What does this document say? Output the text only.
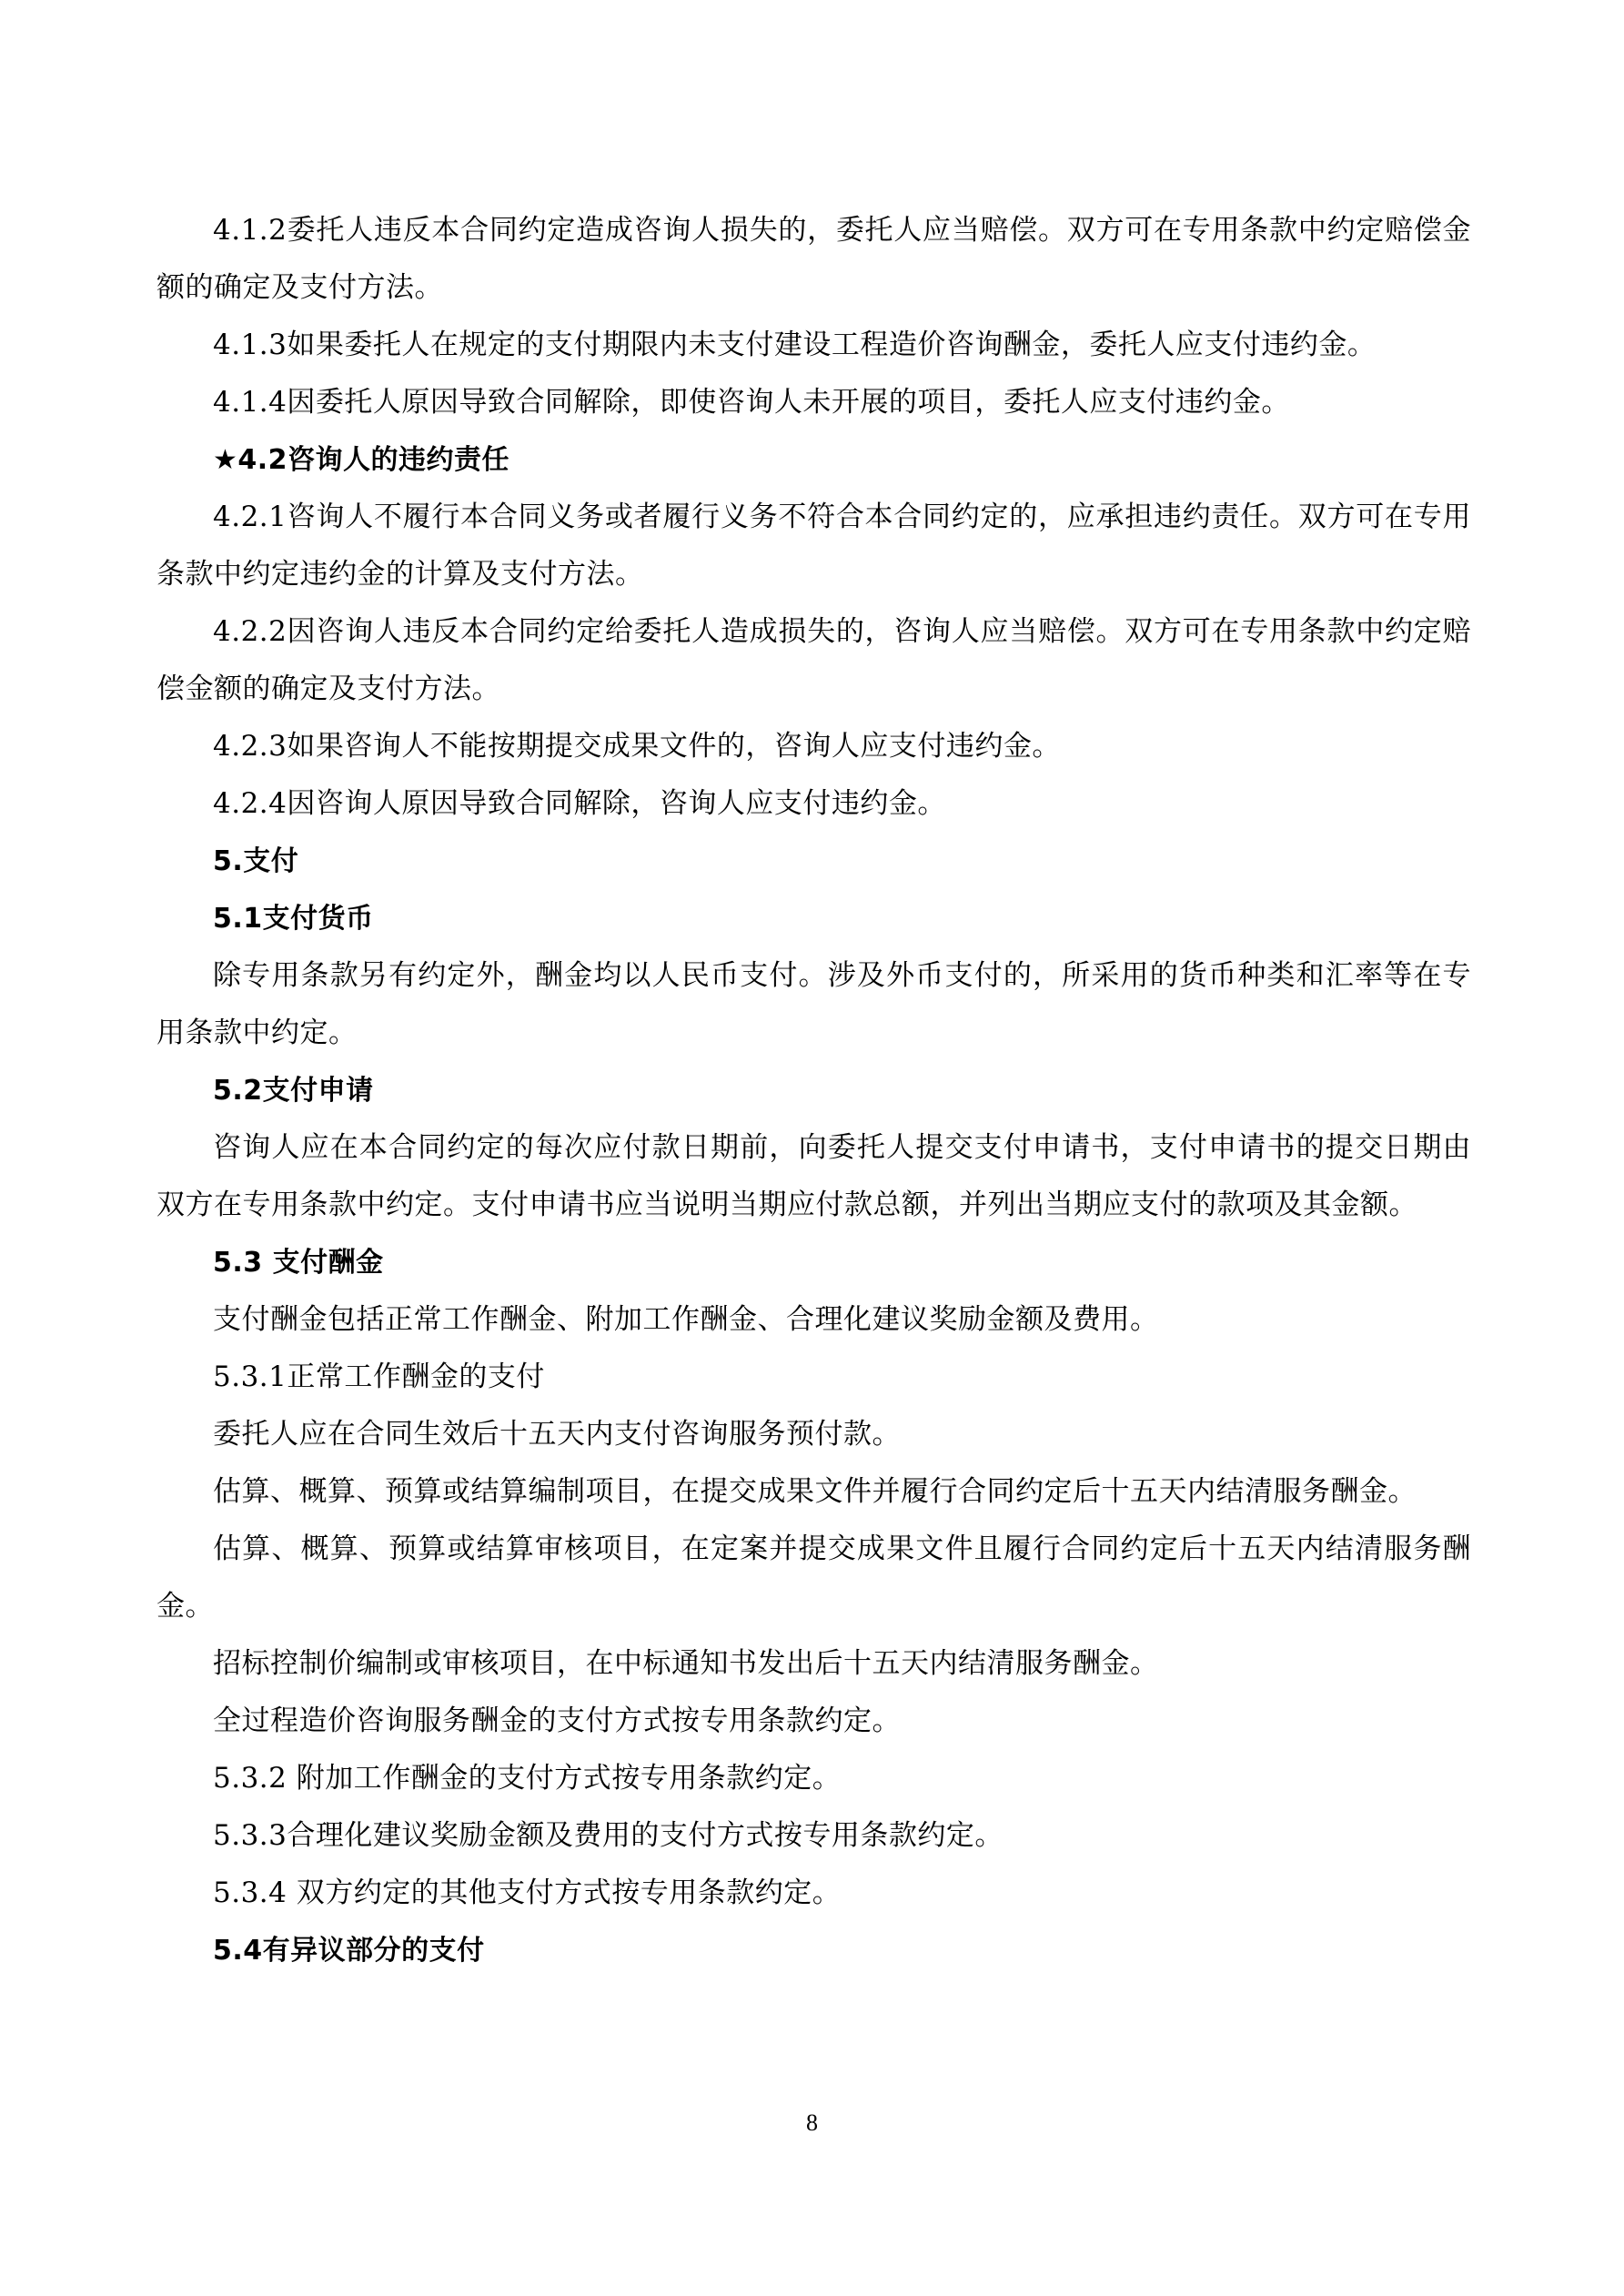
4.1.2委托人违反本合同约定造成咨询人损失的，委托人应当赔偿。双方可在专用条款中约定赔偿金额的确定及支付方法。

4.1.3如果委托人在规定的支付期限内未支付建设工程造价咨询酬金，委托人应支付违约金。

4.1.4因委托人原因导致合同解除，即使咨询人未开展的项目，委托人应支付违约金。

★4.2咨询人的违约责任

4.2.1咨询人不履行本合同义务或者履行义务不符合本合同约定的，应承担违约责任。双方可在专用条款中约定违约金的计算及支付方法。

4.2.2因咨询人违反本合同约定给委托人造成损失的，咨询人应当赔偿。双方可在专用条款中约定赔偿金额的确定及支付方法。

4.2.3如果咨询人不能按期提交成果文件的，咨询人应支付违约金。

4.2.4因咨询人原因导致合同解除，咨询人应支付违约金。

5.支付

5.1支付货币

除专用条款另有约定外，酬金均以人民币支付。涉及外币支付的，所采用的货币种类和汇率等在专用条款中约定。

5.2支付申请

咨询人应在本合同约定的每次应付款日期前，向委托人提交支付申请书，支付申请书的提交日期由双方在专用条款中约定。支付申请书应当说明当期应付款总额，并列出当期应支付的款项及其金额。

5.3 支付酬金

支付酬金包括正常工作酬金、附加工作酬金、合理化建议奖励金额及费用。

5.3.1正常工作酬金的支付

委托人应在合同生效后十五天内支付咨询服务预付款。

估算、概算、预算或结算编制项目，在提交成果文件并履行合同约定后十五天内结清服务酬金。

估算、概算、预算或结算审核项目，在定案并提交成果文件且履行合同约定后十五天内结清服务酬金。

招标控制价编制或审核项目，在中标通知书发出后十五天内结清服务酬金。

全过程造价咨询服务酬金的支付方式按专用条款约定。

5.3.2 附加工作酬金的支付方式按专用条款约定。

5.3.3合理化建议奖励金额及费用的支付方式按专用条款约定。

5.3.4 双方约定的其他支付方式按专用条款约定。

5.4有异议部分的支付

8
